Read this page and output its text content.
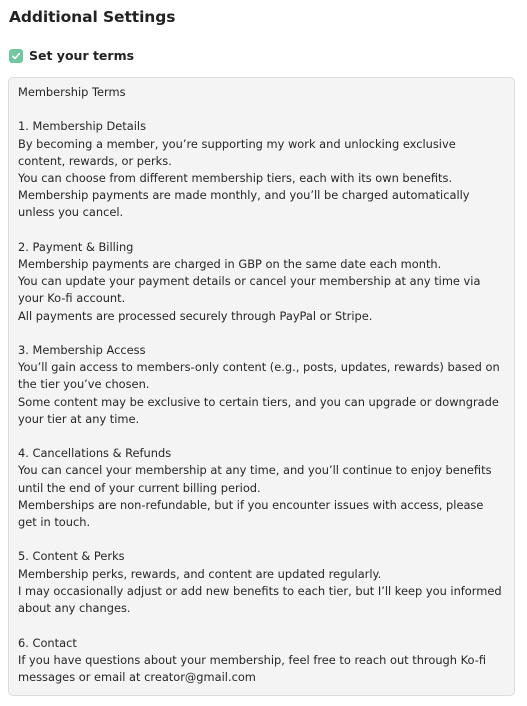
Additional Settings
Set your terms
Membership Terms

1. Membership Details
By becoming a member, you’re supporting my work and unlocking exclusive content, rewards, or perks.
You can choose from different membership tiers, each with its own benefits.
Membership payments are made monthly, and you’ll be charged automatically unless you cancel.

2. Payment & Billing
Membership payments are charged in GBP on the same date each month.
You can update your payment details or cancel your membership at any time via your Ko-fi account.
All payments are processed securely through PayPal or Stripe.

3. Membership Access
You’ll gain access to members-only content (e.g., posts, updates, rewards) based on the tier you’ve chosen.
Some content may be exclusive to certain tiers, and you can upgrade or downgrade your tier at any time.

4. Cancellations & Refunds
You can cancel your membership at any time, and you’ll continue to enjoy benefits until the end of your current billing period.
Memberships are non-refundable, but if you encounter issues with access, please get in touch.

5. Content & Perks
Membership perks, rewards, and content are updated regularly.
I may occasionally adjust or add new benefits to each tier, but I’ll keep you informed about any changes.

6. Contact
If you have questions about your membership, feel free to reach out through Ko-fi messages or email at creator@gmail.com
